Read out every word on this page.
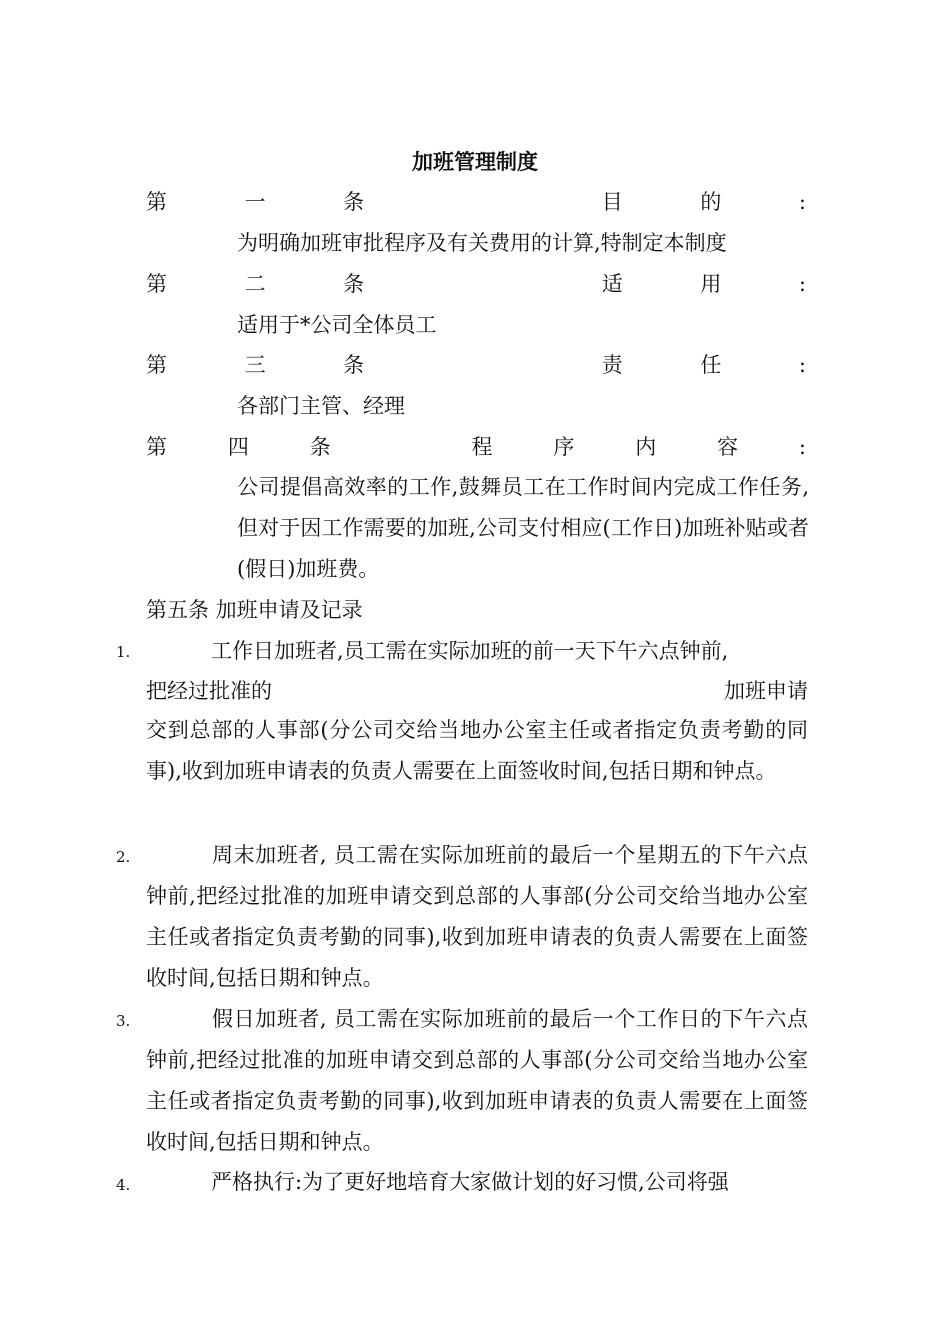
加班管理制度
第	一	条	目	的	:
为明确加班审批程序及有关费用的计算,特制定本制度
第	二	条	适	用	:
适用于*公司全体员工
第	三	条	责	任	:
各部门主管、经理
第	四	条	程	序	内	容	:
公司提倡高效率的工作,鼓舞员工在工作时间内完成工作任务,但对于因工作需要的加班,公司支付相应(工作日)加班补贴或者(假日)加班费。
第五条 加班申请及记录
1.	工作日加班者,员工需在实际加班的前一天下午六点钟前,
把经过批准的	加班申请
交到总部的人事部(分公司交给当地办公室主任或者指定负责考勤的同事),收到加班申请表的负责人需要在上面签收时间,包括日期和钟点。
2.	周末加班者, 员工需在实际加班前的最后一个星期五的下午六点钟前,把经过批准的加班申请交到总部的人事部(分公司交给当地办公室主任或者指定负责考勤的同事),收到加班申请表的负责人需要在上面签收时间,包括日期和钟点。
3.	假日加班者, 员工需在实际加班前的最后一个工作日的下午六点钟前,把经过批准的加班申请交到总部的人事部(分公司交给当地办公室主任或者指定负责考勤的同事),收到加班申请表的负责人需要在上面签收时间,包括日期和钟点。
4.	严格执行:为了更好地培育大家做计划的好习惯,公司将强
